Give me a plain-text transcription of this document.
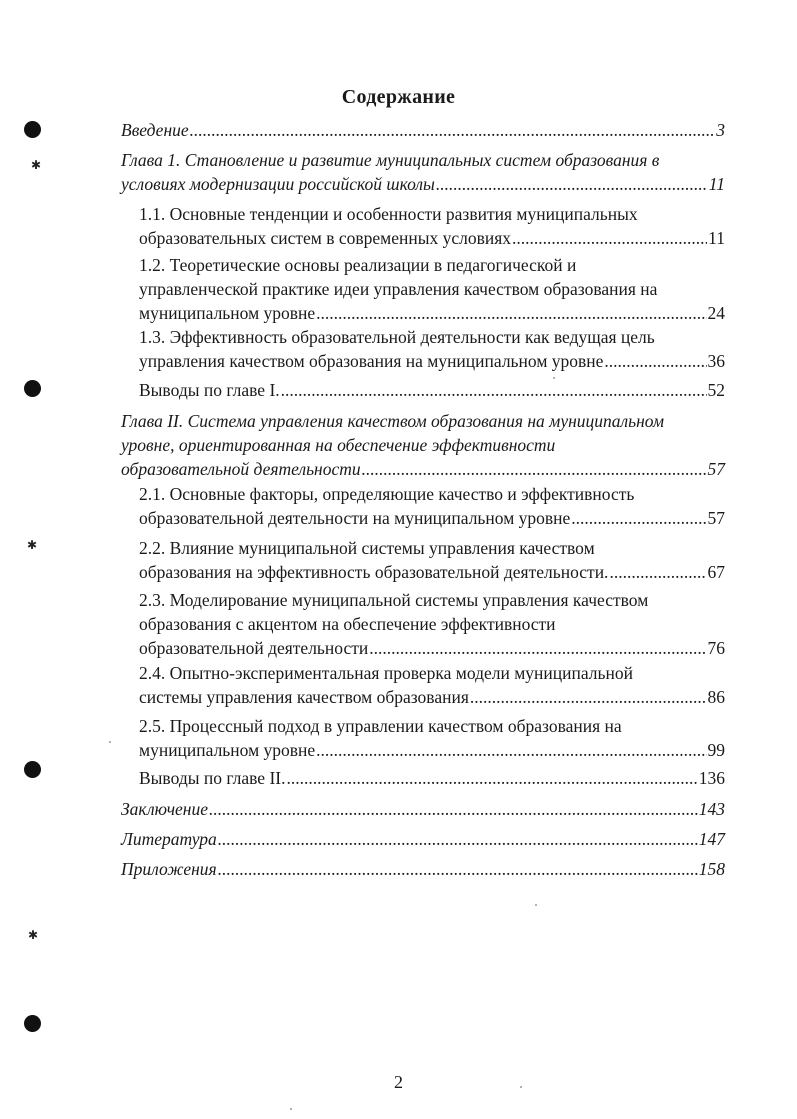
Содержание
Введение .....	3
Глава 1. Становление и развитие муниципальных систем образования в
условиях модернизации российской школы .....	11
1.1. Основные тенденции и особенности развития муниципальных
образовательных систем в современных условиях .....	11
1.2. Теоретические основы реализации в педагогической и
управленческой практике идеи управления качеством образования на
муниципальном уровне .....	24
1.3. Эффективность образовательной деятельности как ведущая цель
управления качеством образования на муниципальном уровне .....	36
Выводы по главе I. .....	52
Глава II. Система управления качеством образования на муниципальном
уровне, ориентированная на обеспечение эффективности
образовательной деятельности .....	57
2.1. Основные факторы, определяющие качество и эффективность
образовательной деятельности на муниципальном уровне .....	57
2.2. Влияние муниципальной системы управления качеством
образования на эффективность образовательной деятельности. .....	67
2.3. Моделирование муниципальной системы управления качеством
образования с акцентом на обеспечение эффективности
образовательной деятельности .....	76
2.4. Опытно-экспериментальная проверка модели муниципальной
системы управления качеством образования .....	86
2.5. Процессный подход в управлении качеством образования на
муниципальном уровне .....	99
Выводы по главе II. .....	136
Заключение .....	143
Литература .....	147
Приложения .....	158
✱
✱
✱
2
